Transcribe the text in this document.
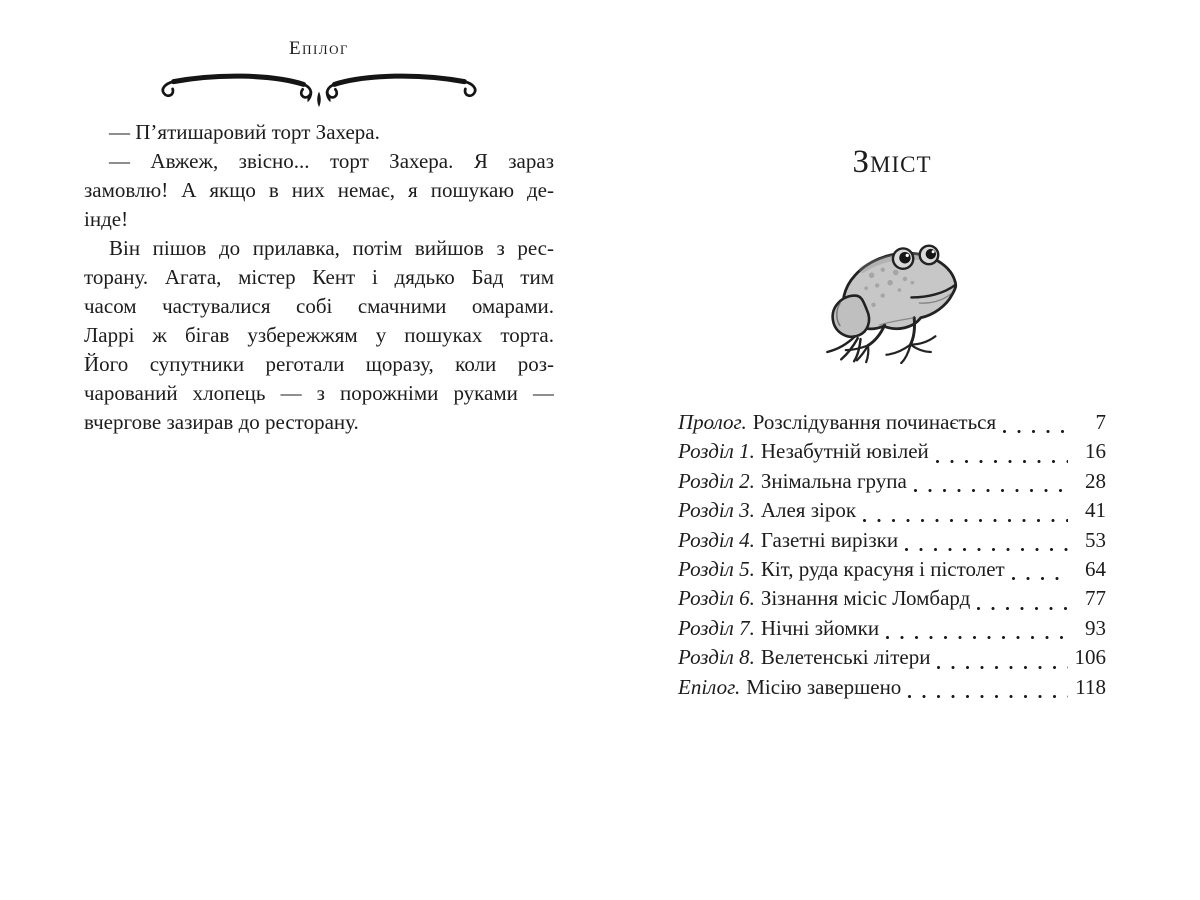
Епілог
— П’ятишаровий торт Захера.
— Авжеж, звісно... торт Захера. Я зараз
замовлю! А якщо в них немає, я пошукаю де-
інде!
Він пішов до прилавка, потім вийшов з рес-
торану. Агата, містер Кент і дядько Бад тим
часом частувалися собі смачними омарами.
Ларрі ж бігав узбережжям у пошуках торта.
Його супутники реготали щоразу, коли роз-
чарований хлопець — з порожніми руками —
вчергове зазирав до ресторану.
Зміст
Пролог. Розслідування починається	7
Розділ 1. Незабутній ювілей	16
Розділ 2. Знімальна група	28
Розділ 3. Алея зірок	41
Розділ 4. Газетні вирізки	53
Розділ 5. Кіт, руда красуня і пістолет	64
Розділ 6. Зізнання місіс Ломбард	77
Розділ 7. Нічні зйомки	93
Розділ 8. Велетенські літери	106
Епілог. Місію завершено	118
